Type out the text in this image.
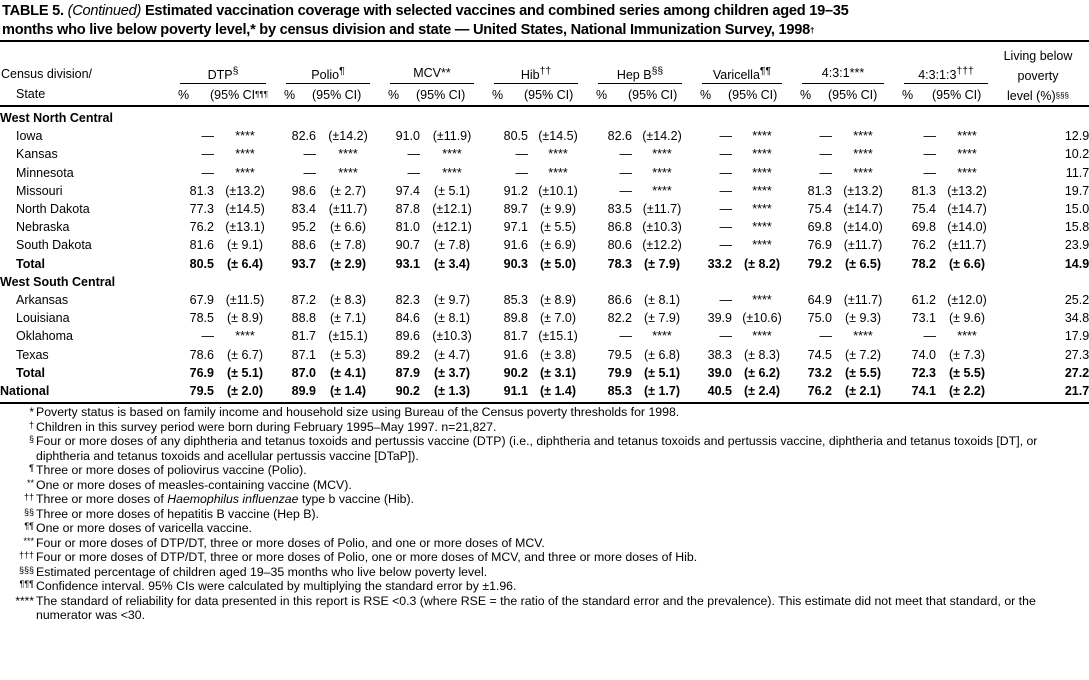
TABLE 5. (Continued) Estimated vaccination coverage with selected vaccines and combined series among children aged 19–35
months who live below poverty level,* by census division and state — United States, National Immunization Survey, 1998†
Census division/
State
Living below
poverty
level (%)§§§
DTP§	Polio¶	MCV**	Hib††	Hep B§§	Varicella¶¶	4:3:1***	4:3:1:3†††
% (95% CI¶¶¶ % (95% CI) % (95% CI) % (95% CI) % (95% CI) % (95% CI) % (95% CI) % (95% CI)
West North Central																	
Iowa	—	****	82.6	(±14.2)	91.0	(±11.9)	80.5	(±14.5)	82.6	(±14.2)	—	****	—	****	—	****	12.9
Kansas	—	****	—	****	—	****	—	****	—	****	—	****	—	****	—	****	10.2
Minnesota	—	****	—	****	—	****	—	****	—	****	—	****	—	****	—	****	11.7
Missouri	81.3	(±13.2)	98.6	(± 2.7)	97.4	(± 5.1)	91.2	(±10.1)	—	****	—	****	81.3	(±13.2)	81.3	(±13.2)	19.7
North Dakota	77.3	(±14.5)	83.4	(±11.7)	87.8	(±12.1)	89.7	(± 9.9)	83.5	(±11.7)	—	****	75.4	(±14.7)	75.4	(±14.7)	15.0
Nebraska	76.2	(±13.1)	95.2	(± 6.6)	81.0	(±12.1)	97.1	(± 5.5)	86.8	(±10.3)	—	****	69.8	(±14.0)	69.8	(±14.0)	15.8
South Dakota	81.6	(± 9.1)	88.6	(± 7.8)	90.7	(± 7.8)	91.6	(± 6.9)	80.6	(±12.2)	—	****	76.9	(±11.7)	76.2	(±11.7)	23.9
Total	80.5	(± 6.4)	93.7	(± 2.9)	93.1	(± 3.4)	90.3	(± 5.0)	78.3	(± 7.9)	33.2	(± 8.2)	79.2	(± 6.5)	78.2	(± 6.6)	14.9
West South Central																	
Arkansas	67.9	(±11.5)	87.2	(± 8.3)	82.3	(± 9.7)	85.3	(± 8.9)	86.6	(± 8.1)	—	****	64.9	(±11.7)	61.2	(±12.0)	25.2
Louisiana	78.5	(± 8.9)	88.8	(± 7.1)	84.6	(± 8.1)	89.8	(± 7.0)	82.2	(± 7.9)	39.9	(±10.6)	75.0	(± 9.3)	73.1	(± 9.6)	34.8
Oklahoma	—	****	81.7	(±15.1)	89.6	(±10.3)	81.7	(±15.1)	—	****	—	****	—	****	—	****	17.9
Texas	78.6	(± 6.7)	87.1	(± 5.3)	89.2	(± 4.7)	91.6	(± 3.8)	79.5	(± 6.8)	38.3	(± 8.3)	74.5	(± 7.2)	74.0	(± 7.3)	27.3
Total	76.9	(± 5.1)	87.0	(± 4.1)	87.9	(± 3.7)	90.2	(± 3.1)	79.9	(± 5.1)	39.0	(± 6.2)	73.2	(± 5.5)	72.3	(± 5.5)	27.2
National	79.5	(± 2.0)	89.9	(± 1.4)	90.2	(± 1.3)	91.1	(± 1.4)	85.3	(± 1.7)	40.5	(± 2.4)	76.2	(± 2.1)	74.1	(± 2.2)	21.7
* Poverty status is based on family income and household size using Bureau of the Census poverty thresholds for 1998.
† Children in this survey period were born during February 1995–May 1997. n=21,827.
§ Four or more doses of any diphtheria and tetanus toxoids and pertussis vaccine (DTP) (i.e., diphtheria and tetanus toxoids and pertussis vaccine, diphtheria and tetanus toxoids [DT], or diphtheria and tetanus toxoids and acellular pertussis vaccine [DTaP]).
¶ Three or more doses of poliovirus vaccine (Polio).
** One or more doses of measles-containing vaccine (MCV).
†† Three or more doses of Haemophilus influenzae type b vaccine (Hib).
§§ Three or more doses of hepatitis B vaccine (Hep B).
¶¶ One or more doses of varicella vaccine.
*** Four or more doses of DTP/DT, three or more doses of Polio, and one or more doses of MCV.
††† Four or more doses of DTP/DT, three or more doses of Polio, one or more doses of MCV, and three or more doses of Hib.
§§§ Estimated percentage of children aged 19–35 months who live below poverty level.
¶¶¶ Confidence interval. 95% CIs were calculated by multiplying the standard error by ±1.96.
**** The standard of reliability for data presented in this report is RSE <0.3 (where RSE = the ratio of the standard error and the prevalence). This estimate did not meet that standard, or the numerator was <30.
